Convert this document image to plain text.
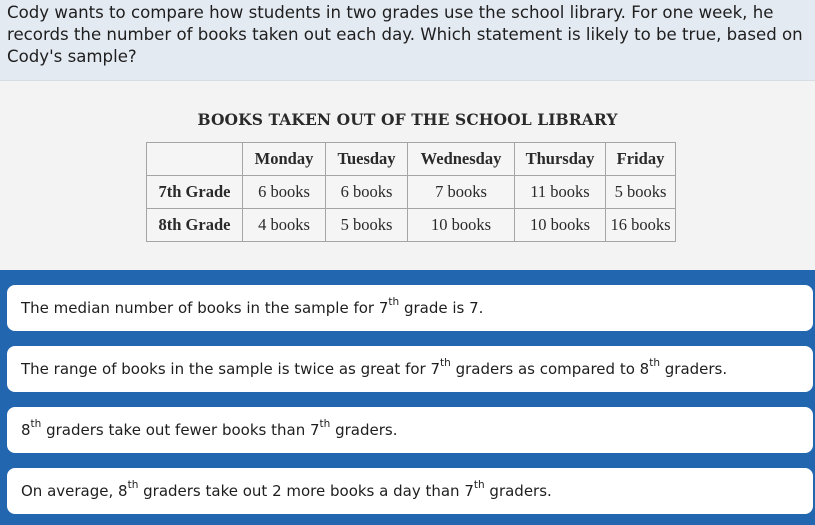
Cody wants to compare how students in two grades use the school library. For one week, he records the number of books taken out each day. Which statement is likely to be true, based on Cody's sample?
BOOKS TAKEN OUT OF THE SCHOOL LIBRARY
	Monday	Tuesday	Wednesday	Thursday	Friday
7th Grade	6 books	6 books	7 books	11 books	5 books
8th Grade	4 books	5 books	10 books	10 books	16 books
The median number of books in the sample for 7th grade is 7.
The range of books in the sample is twice as great for 7th graders as compared to 8th graders.
8th graders take out fewer books than 7th graders.
On average, 8th graders take out 2 more books a day than 7th graders.
